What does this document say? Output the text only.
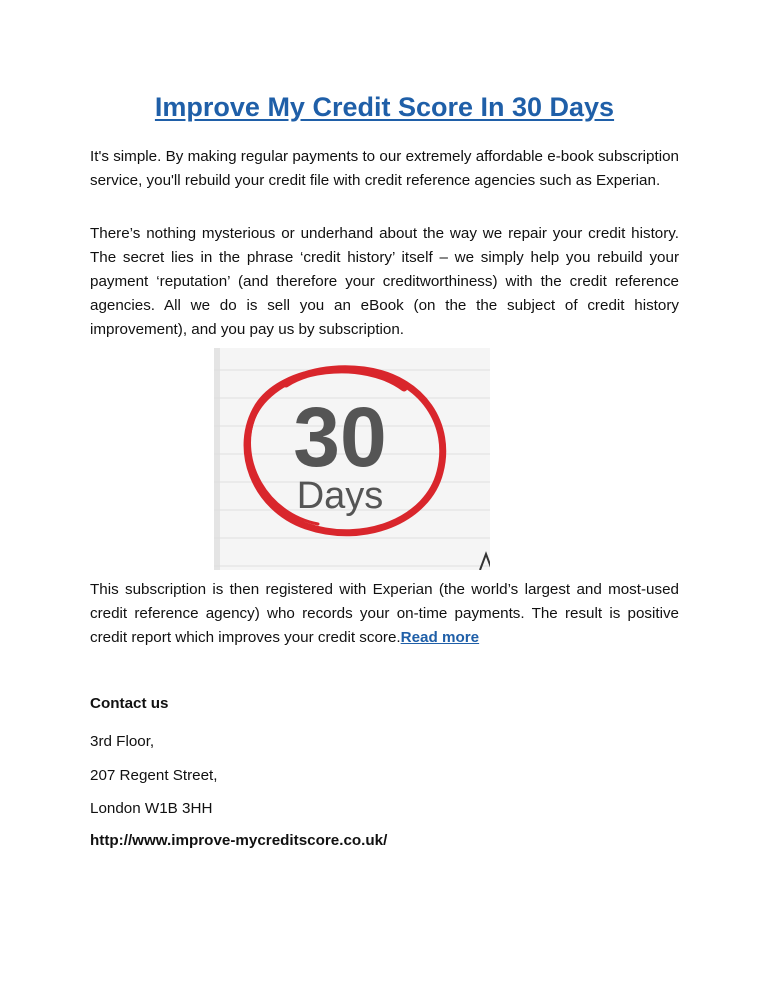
Improve My Credit Score In 30 Days

It's simple. By making regular payments to our extremely affordable e-book subscription service, you'll rebuild your credit file with credit reference agencies such as Experian.

There’s nothing mysterious or underhand about the way we repair your credit history. The secret lies in the phrase ‘credit history’ itself – we simply help you rebuild your payment ‘reputation’ (and therefore your creditworthiness) with the credit reference agencies. All we do is sell you an eBook (on the the subject of credit history improvement), and you pay us by subscription.

30
Days

This subscription is then registered with Experian (the world’s largest and most-used credit reference agency) who records your on-time payments. The result is positive credit report which improves your credit score.Read more

Contact us

3rd Floor,

207 Regent Street,

London W1B 3HH

http://www.improve-mycreditscore.co.uk/
